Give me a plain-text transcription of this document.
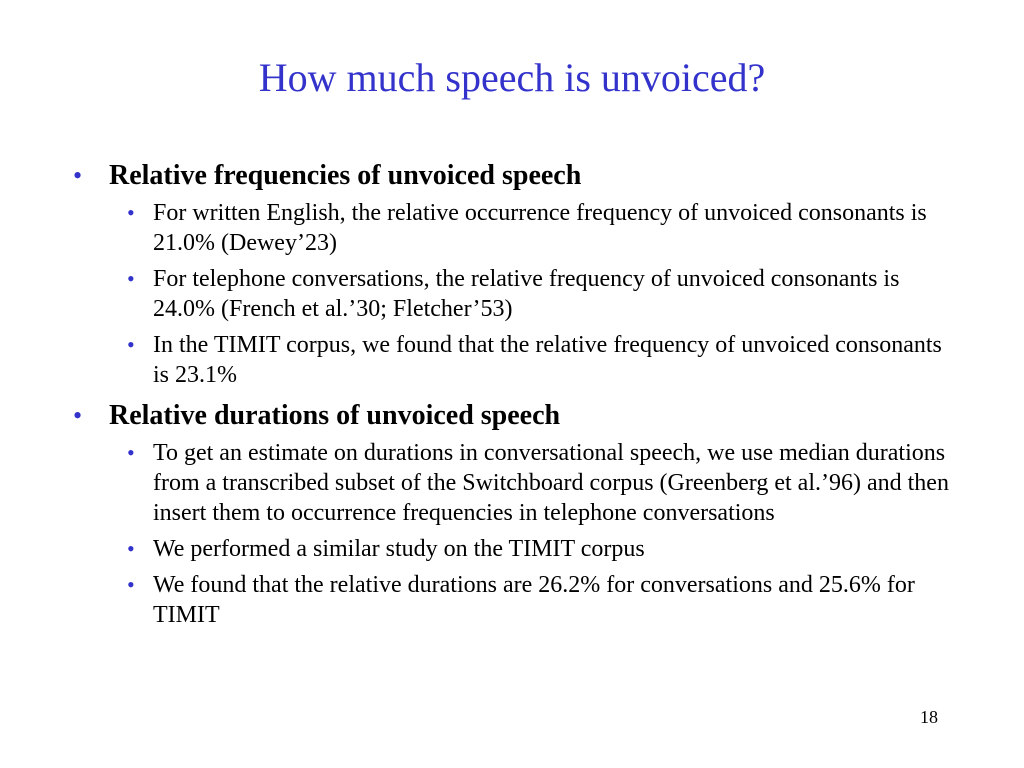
How much speech is unvoiced?
• Relative frequencies of unvoiced speech
• For written English, the relative occurrence frequency of unvoiced consonants is 21.0% (Dewey’23)
• For telephone conversations, the relative frequency of unvoiced consonants is 24.0% (French et al.’30; Fletcher’53)
• In the TIMIT corpus, we found that the relative frequency of unvoiced consonants is 23.1%
• Relative durations of unvoiced speech
• To get an estimate on durations in conversational speech, we use median durations from a transcribed subset of the Switchboard corpus (Greenberg et al.’96) and then insert them to occurrence frequencies in telephone conversations
• We performed a similar study on the TIMIT corpus
• We found that the relative durations are 26.2% for conversations and 25.6% for TIMIT
18
